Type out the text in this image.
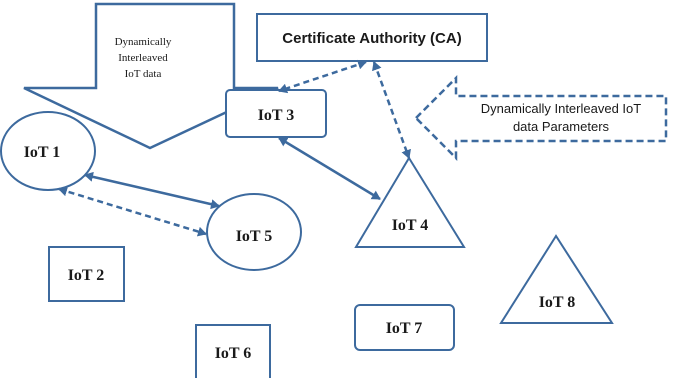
Dynamically
Interleaved
IoT data
Certificate Authority (CA)
Dynamically Interleaved IoT
data Parameters
IoT 3
IoT 1
IoT 5
IoT 4
IoT 2
IoT 6
IoT 7
IoT 8
